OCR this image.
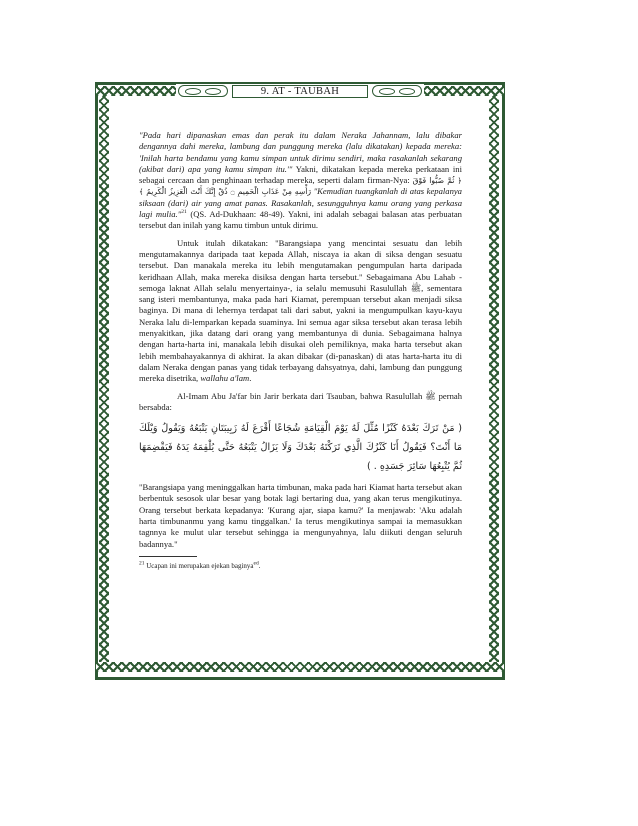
9. AT - TAUBAH

"Pada hari dipanaskan emas dan perak itu dalam Neraka Jahannam, lalu dibakar dengannya dahi mereka, lambung dan punggung mereka (lalu dikatakan) kepada mereka: 'Inilah harta bendamu yang kamu simpan untuk dirimu sendiri, maka rasakanlah sekarang (akibat dari) apa yang kamu simpan itu.'" Yakni, dikatakan kepada mereka perkataan ini sebagai cercaan dan penghinaan terhadap mereka, seperti dalam firman-Nya: ﴿ ثُمَّ صُبُّوا فَوْقَ رَأْسِهِ مِنْ عَذَابِ الْحَمِيمِ ۝ ذُقْ إِنَّكَ أَنْتَ الْعَزِيزُ الْكَرِيمُ ﴾ "Kemudian tuangkanlah di atas kepalanya siksaan (dari) air yang amat panas. Rasakanlah, sesungguhnya kamu orang yang perkasa lagi mulia."$^{21}$ (QS. Ad-Dukhaan: 48-49). Yakni, ini adalah sebagai balasan atas perbuatan tersebut dan inilah yang kamu timbun untuk dirimu.

Untuk itulah dikatakan: "Barangsiapa yang mencintai sesuatu dan lebih mengutamakannya daripada taat kepada Allah, niscaya ia akan di siksa dengan sesuatu tersebut. Dan manakala mereka itu lebih mengutamakan pengumpulan harta daripada keridhaan Allah, maka mereka disiksa dengan harta tersebut." Sebagaimana Abu Lahab -semoga laknat Allah selalu menyertainya-, ia selalu memusuhi Rasulullah ﷺ, sementara sang isteri membantunya, maka pada hari Kiamat, perempuan tersebut akan menjadi siksa baginya. Di mana di lehernya terdapat tali dari sabut, yakni ia mengumpulkan kayu-kayu Neraka lalu di-lemparkan kepada suaminya. Ini semua agar siksa tersebut akan terasa lebih menyakitkan, jika datang dari orang yang membantunya di dunia. Sebagaimana halnya dengan harta-harta ini, manakala lebih disukai oleh pemiliknya, maka harta tersebut akan lebih membahayakannya di akhirat. Ia akan dibakar (di-panaskan) di atas harta-harta itu di dalam Neraka dengan panas yang tidak terbayang dahsyatnya, dahi, lambung dan punggung mereka disetrika, wallahu a'lam.

Al-Imam Abu Ja'far bin Jarir berkata dari Tsauban, bahwa Rasulullah ﷺ pernah bersabda:

( مَنْ تَرَكَ بَعْدَهُ كَنْزًا مُثِّلَ لَهُ يَوْمَ الْقِيَامَةِ شُجَاعًا أَقْرَعَ لَهُ زَبِيبَتَانِ يَتْبَعُهُ وَيَقُولُ وَيْلَكَ مَا أَنْتَ؟ فَيَقُولُ أَنَا كَنْزُكَ الَّذِي تَرَكْتَهُ بَعْدَكَ وَلَا يَزَالُ يَتْبَعُهُ حَتَّى يُلْقِمَهُ يَدَهُ فَيَقْضِمَهَا ثُمَّ يُتْبِعُهَا سَائِرَ جَسَدِهِ . )

"Barangsiapa yang meninggalkan harta timbunan, maka pada hari Kiamat harta tersebut akan berbentuk sesosok ular besar yang botak lagi bertaring dua, yang akan terus mengikutinya. Orang tersebut berkata kepadanya: 'Kurang ajar, siapa kamu?' Ia menjawab: 'Aku adalah harta timbunanmu yang kamu tinggalkan.' Ia terus mengikutinya sampai ia memasukkan tagnnya ke mulut ular tersebut sehingga ia mengunyahnya, lalu diikuti dengan seluruh badannya."

$^{21}$ Ucapan ini merupakan ejekan baginya$^{ed}$.
